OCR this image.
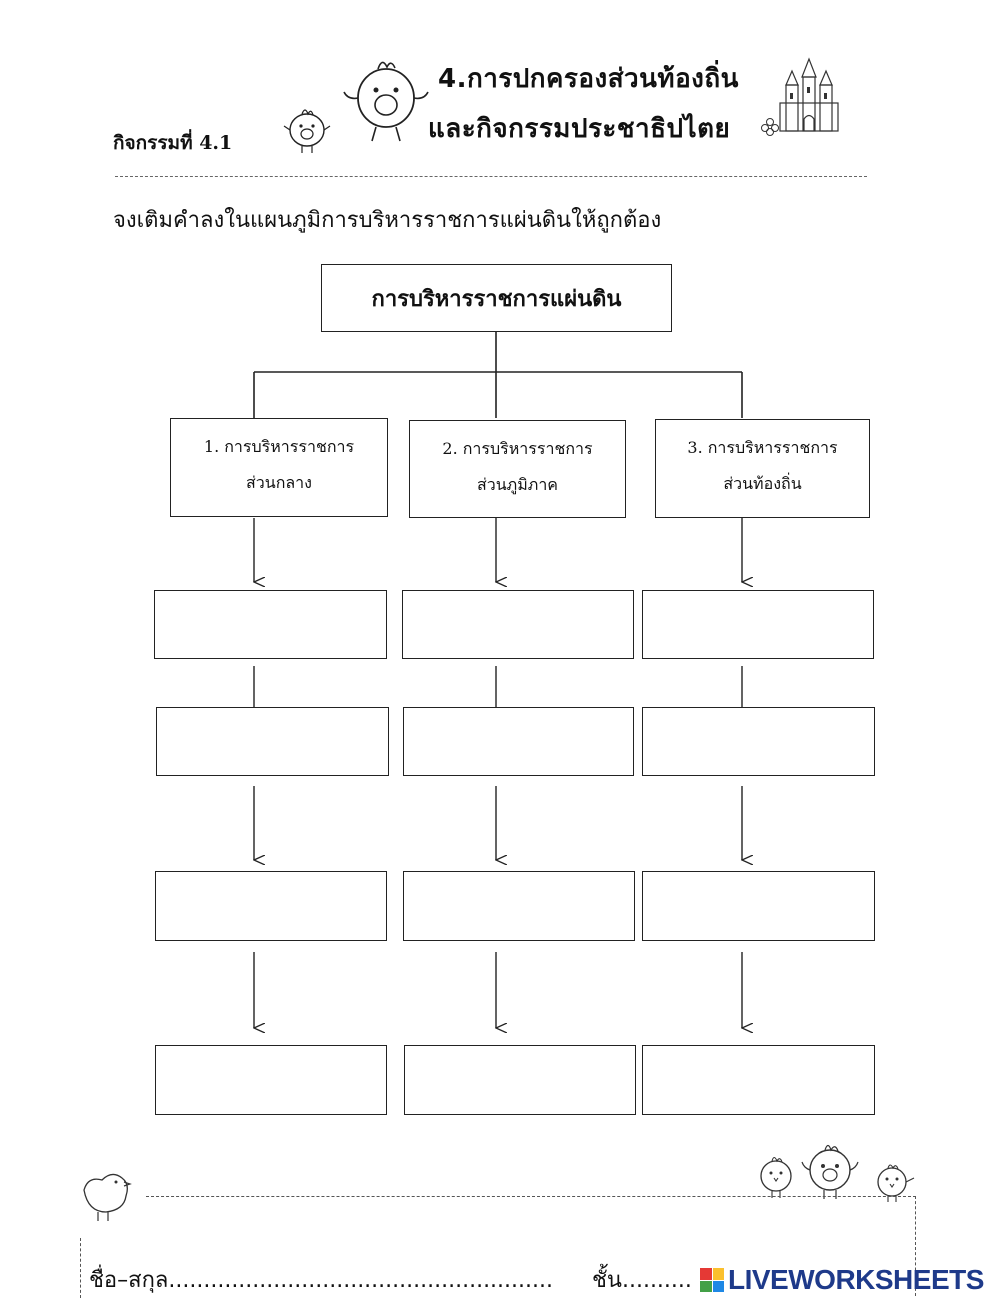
กิจกรรมที่ 4.1
4.การปกครองส่วนท้องถิ่น
และกิจกรรมประชาธิปไตย
จงเติมคำลงในแผนภูมิการบริหารราชการแผ่นดินให้ถูกต้อง
การบริหารราชการแผ่นดิน
1. การบริหารราชการ
ส่วนกลาง
2. การบริหารราชการ
ส่วนภูมิภาค
3. การบริหารราชการ
ส่วนท้องถิ่น
ชื่อ–สกุล....................................................... ชั้น.......... LIVEWORKSHEETS
